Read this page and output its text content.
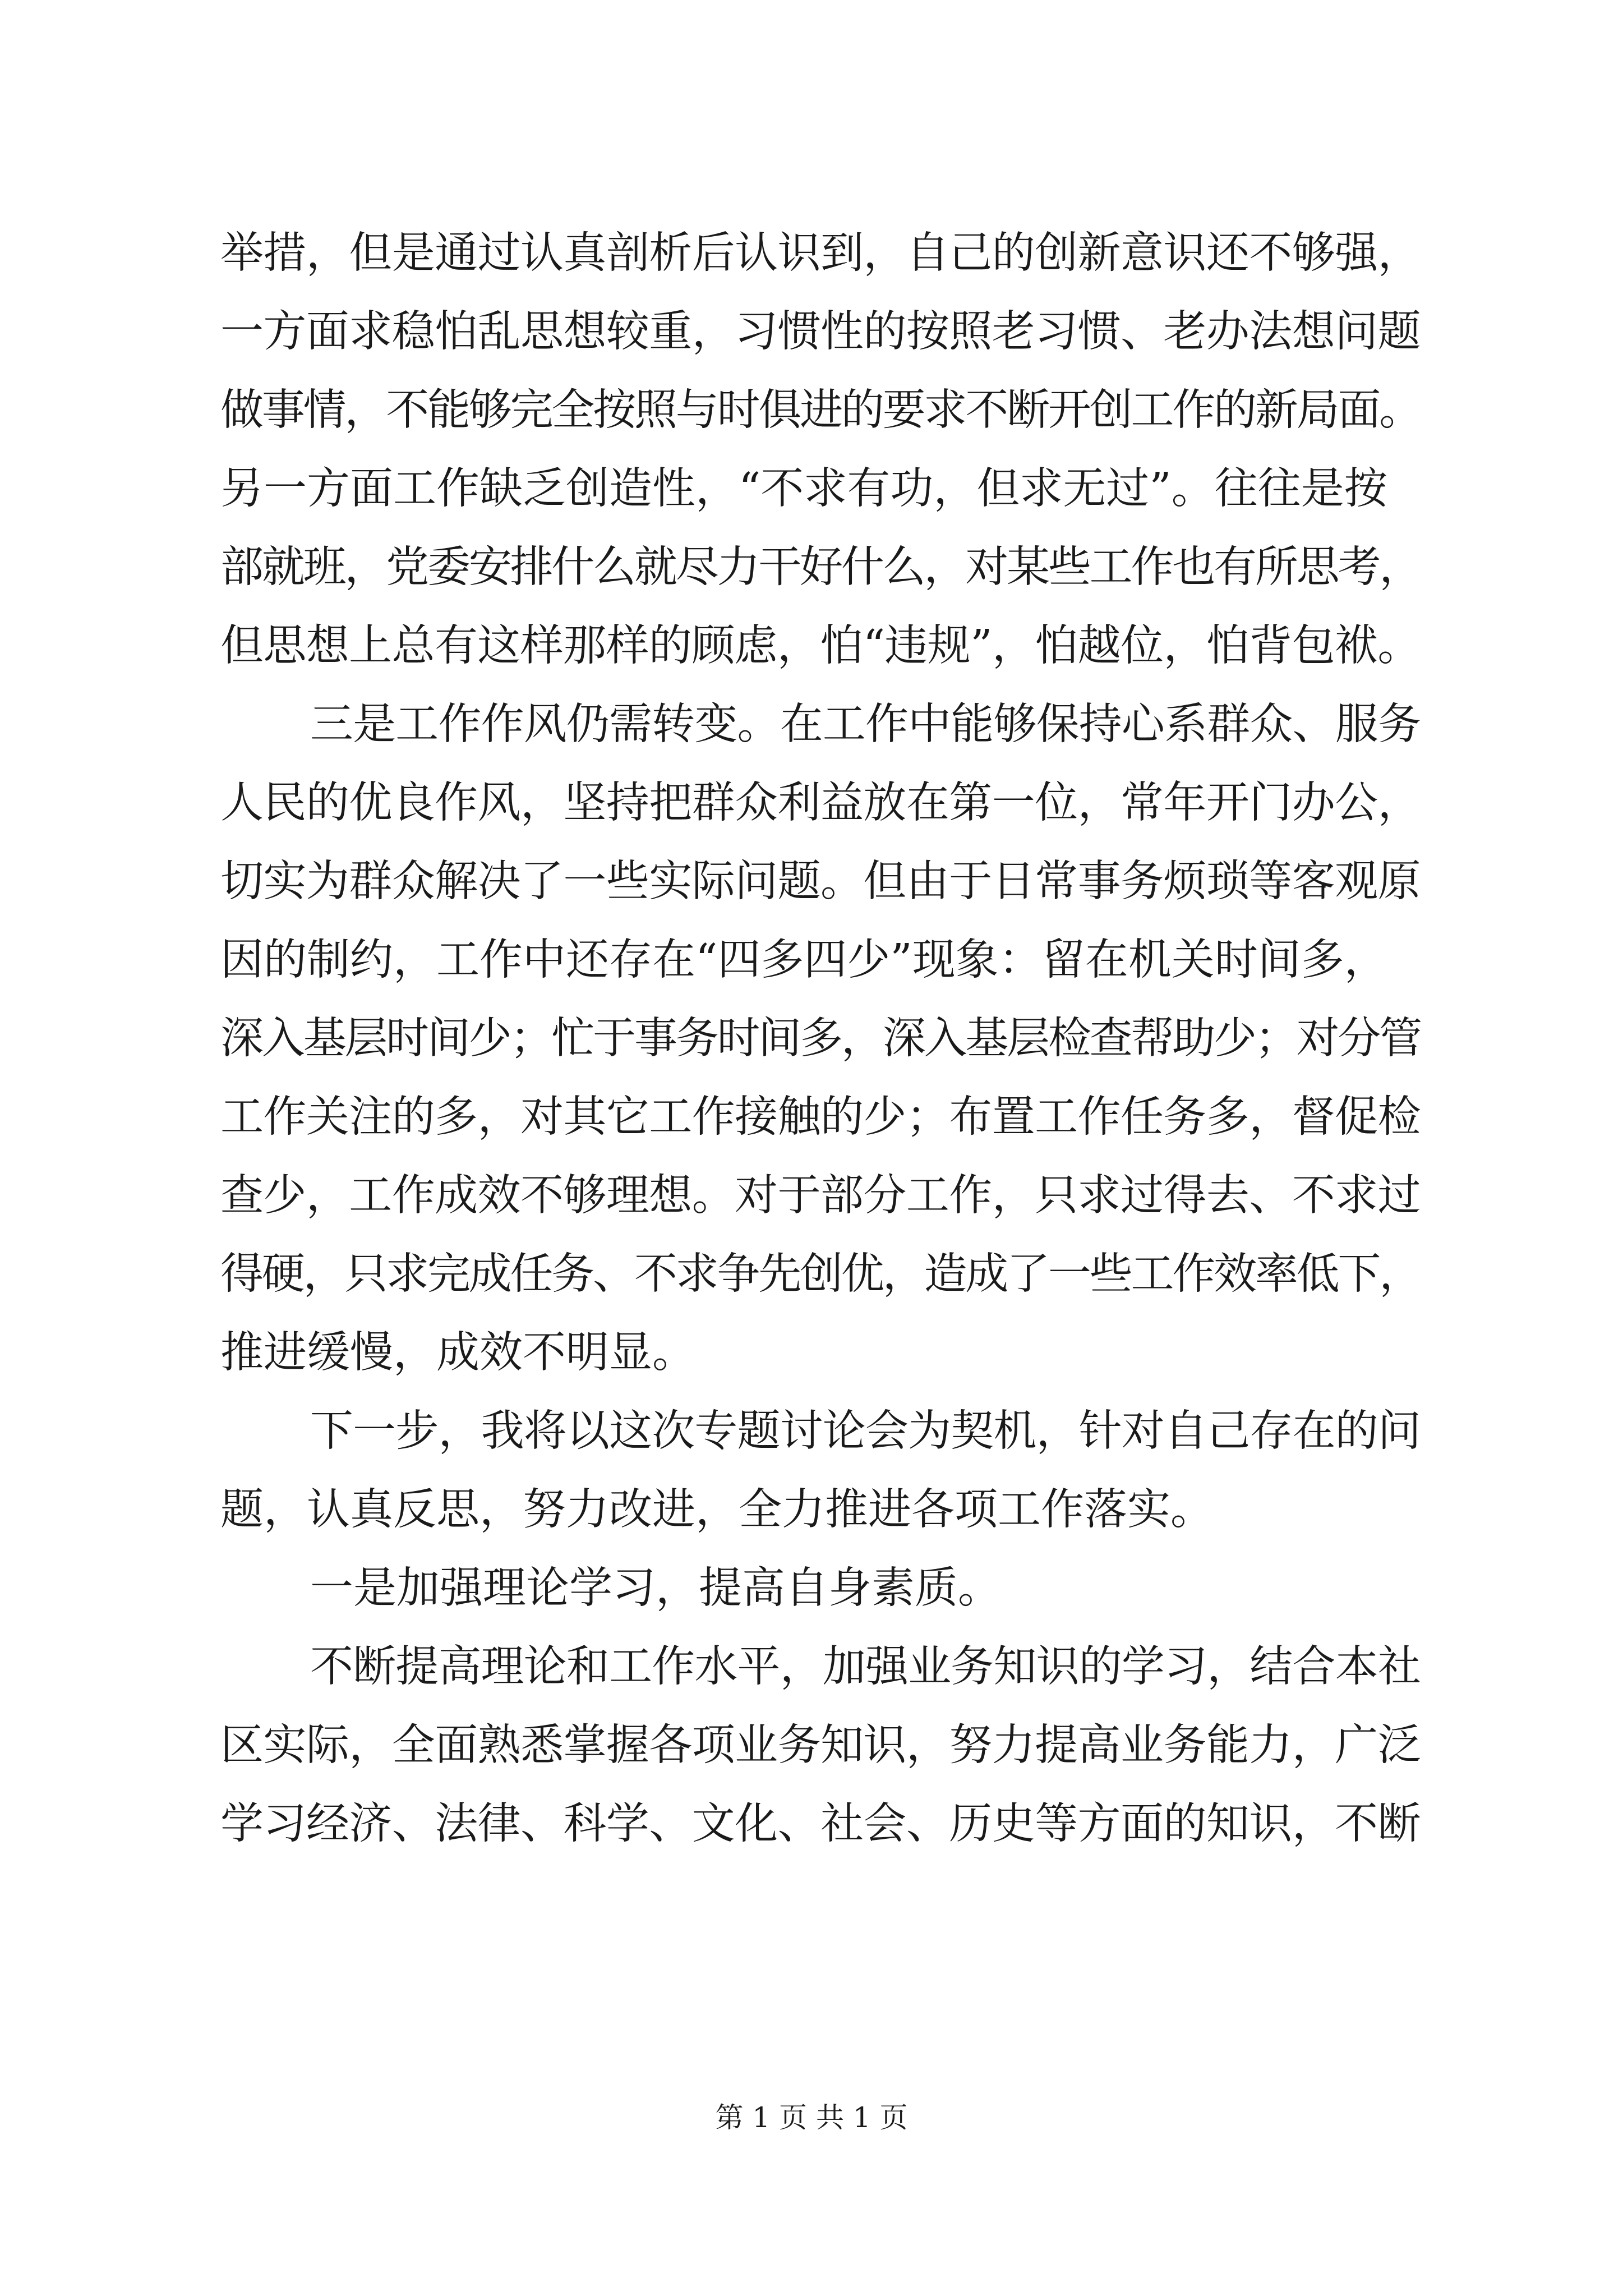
举措，但是通过认真剖析后认识到，自己的创新意识还不够强，
一方面求稳怕乱思想较重，习惯性的按照老习惯、老办法想问题
做事情，不能够完全按照与时俱进的要求不断开创工作的新局面。
另一方面工作缺乏创造性，“不求有功，但求无过”。往往是按
部就班，党委安排什么就尽力干好什么，对某些工作也有所思考，
但思想上总有这样那样的顾虑，怕“违规”，怕越位，怕背包袱。
三是工作作风仍需转变。在工作中能够保持心系群众、服务
人民的优良作风，坚持把群众利益放在第一位，常年开门办公，
切实为群众解决了一些实际问题。但由于日常事务烦琐等客观原
因的制约，工作中还存在“四多四少”现象：留在机关时间多，
深入基层时间少；忙于事务时间多，深入基层检查帮助少；对分管
工作关注的多，对其它工作接触的少；布置工作任务多，督促检
查少，工作成效不够理想。对于部分工作，只求过得去、不求过
得硬，只求完成任务、不求争先创优，造成了一些工作效率低下，
推进缓慢，成效不明显。
下一步，我将以这次专题讨论会为契机，针对自己存在的问
题，认真反思，努力改进，全力推进各项工作落实。
一是加强理论学习，提高自身素质。
不断提高理论和工作水平，加强业务知识的学习，结合本社
区实际，全面熟悉掌握各项业务知识，努力提高业务能力，广泛
学习经济、法律、科学、文化、社会、历史等方面的知识，不断
第 1 页 共 1 页
